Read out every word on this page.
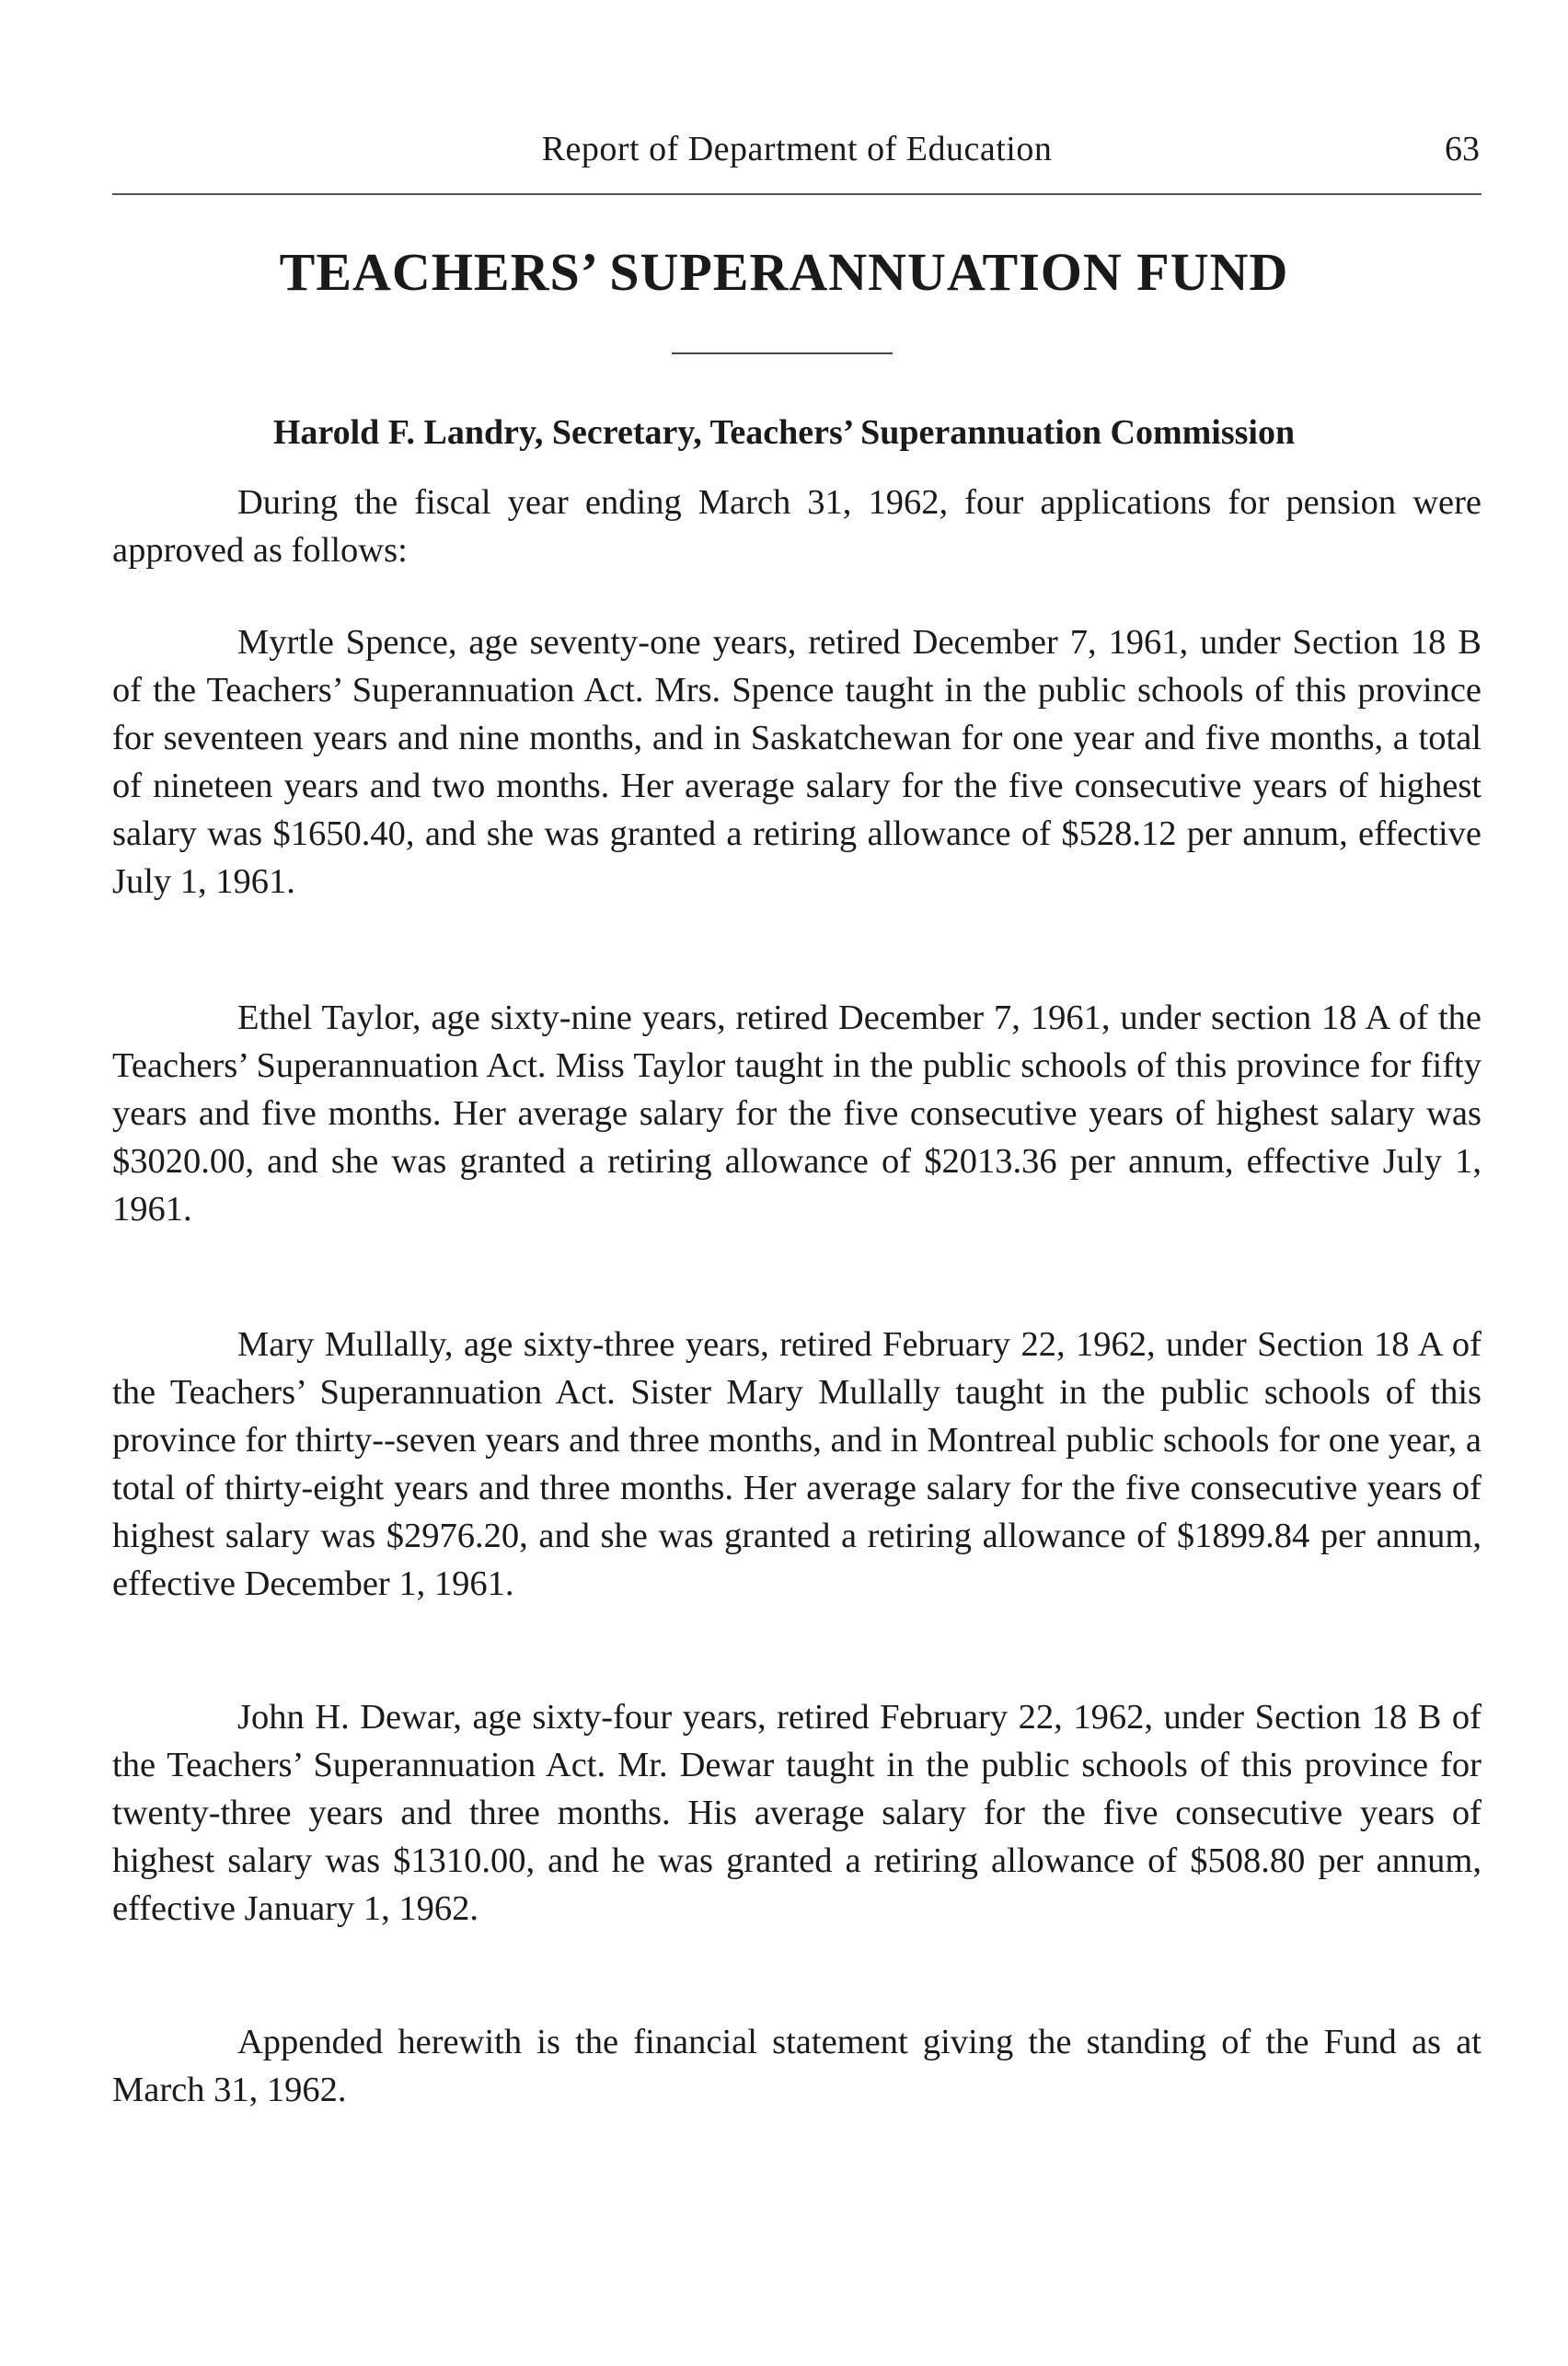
Report of Department of Education	63
TEACHERS’ SUPERANNUATION FUND
Harold F. Landry, Secretary, Teachers’ Superannuation Commission

During the fiscal year ending March 31, 1962, four applications for pension were approved as follows:

Myrtle Spence, age seventy-one years, retired December 7, 1961, under Section 18 B of the Teachers’ Superannuation Act. Mrs. Spence taught in the public schools of this province for seventeen years and nine months, and in Saskatchewan for one year and five months, a total of nineteen years and two months. Her average salary for the five consecutive years of highest salary was $1650.40, and she was granted a retiring allowance of $528.12 per annum, effective July 1, 1961.

Ethel Taylor, age sixty-nine years, retired December 7, 1961, under section 18 A of the Teachers’ Superannuation Act. Miss Taylor taught in the public schools of this province for fifty years and five months. Her average salary for the five consecutive years of highest salary was $3020.00, and she was granted a retiring allowance of $2013.36 per annum, effective July 1, 1961.

Mary Mullally, age sixty-three years, retired February 22, 1962, under Section 18 A of the Teachers’ Superannuation Act. Sister Mary Mullally taught in the public schools of this province for thirty--seven years and three months, and in Montreal public schools for one year, a total of thirty-eight years and three months. Her average salary for the five consecutive years of highest salary was $2976.20, and she was granted a retiring allowance of $1899.84 per annum, effective December 1, 1961.

John H. Dewar, age sixty-four years, retired February 22, 1962, under Section 18 B of the Teachers’ Superannuation Act. Mr. Dewar taught in the public schools of this province for twenty-three years and three months. His average salary for the five consecutive years of highest salary was $1310.00, and he was granted a retiring allowance of $508.80 per annum, effective January 1, 1962.

Appended herewith is the financial statement giving the standing of the Fund as at March 31, 1962.
